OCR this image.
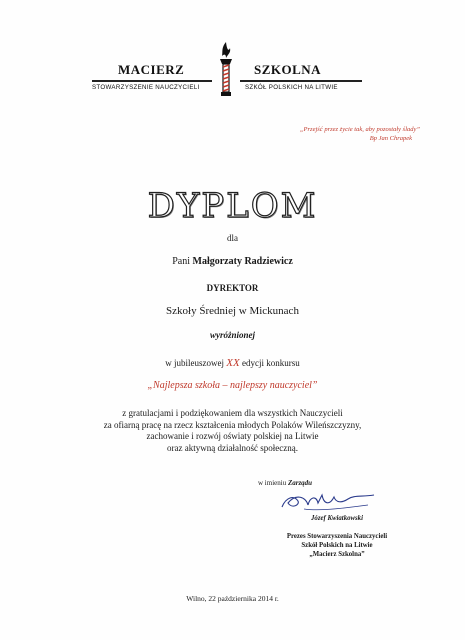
MACIERZ	SZKOLNA
STOWARZYSZENIE NAUCZYCIELI	SZKÓŁ POLSKICH NA LITWIE
„Przejść przez życie tak, aby pozostały ślady”
Bp Jan Chrapek
DYPLOM
dla
Pani Małgorzaty Radziewicz
DYREKTOR
Szkoły Średniej w Mickunach
wyróżnionej
w jubileuszowej XX edycji konkursu
„Najlepsza szkoła – najlepszy nauczyciel”
z gratulacjami i podziękowaniem dla wszystkich Nauczycieli
za ofiarną pracę na rzecz kształcenia młodych Polaków Wileńszczyzny,
zachowanie i rozwój oświaty polskiej na Litwie
oraz aktywną działalność społeczną.
w imieniu Zarządu
Józef Kwiatkowski
Prezes Stowarzyszenia Nauczycieli
Szkół Polskich na Litwie
„Macierz Szkolna”
Wilno, 22 października 2014 r.
